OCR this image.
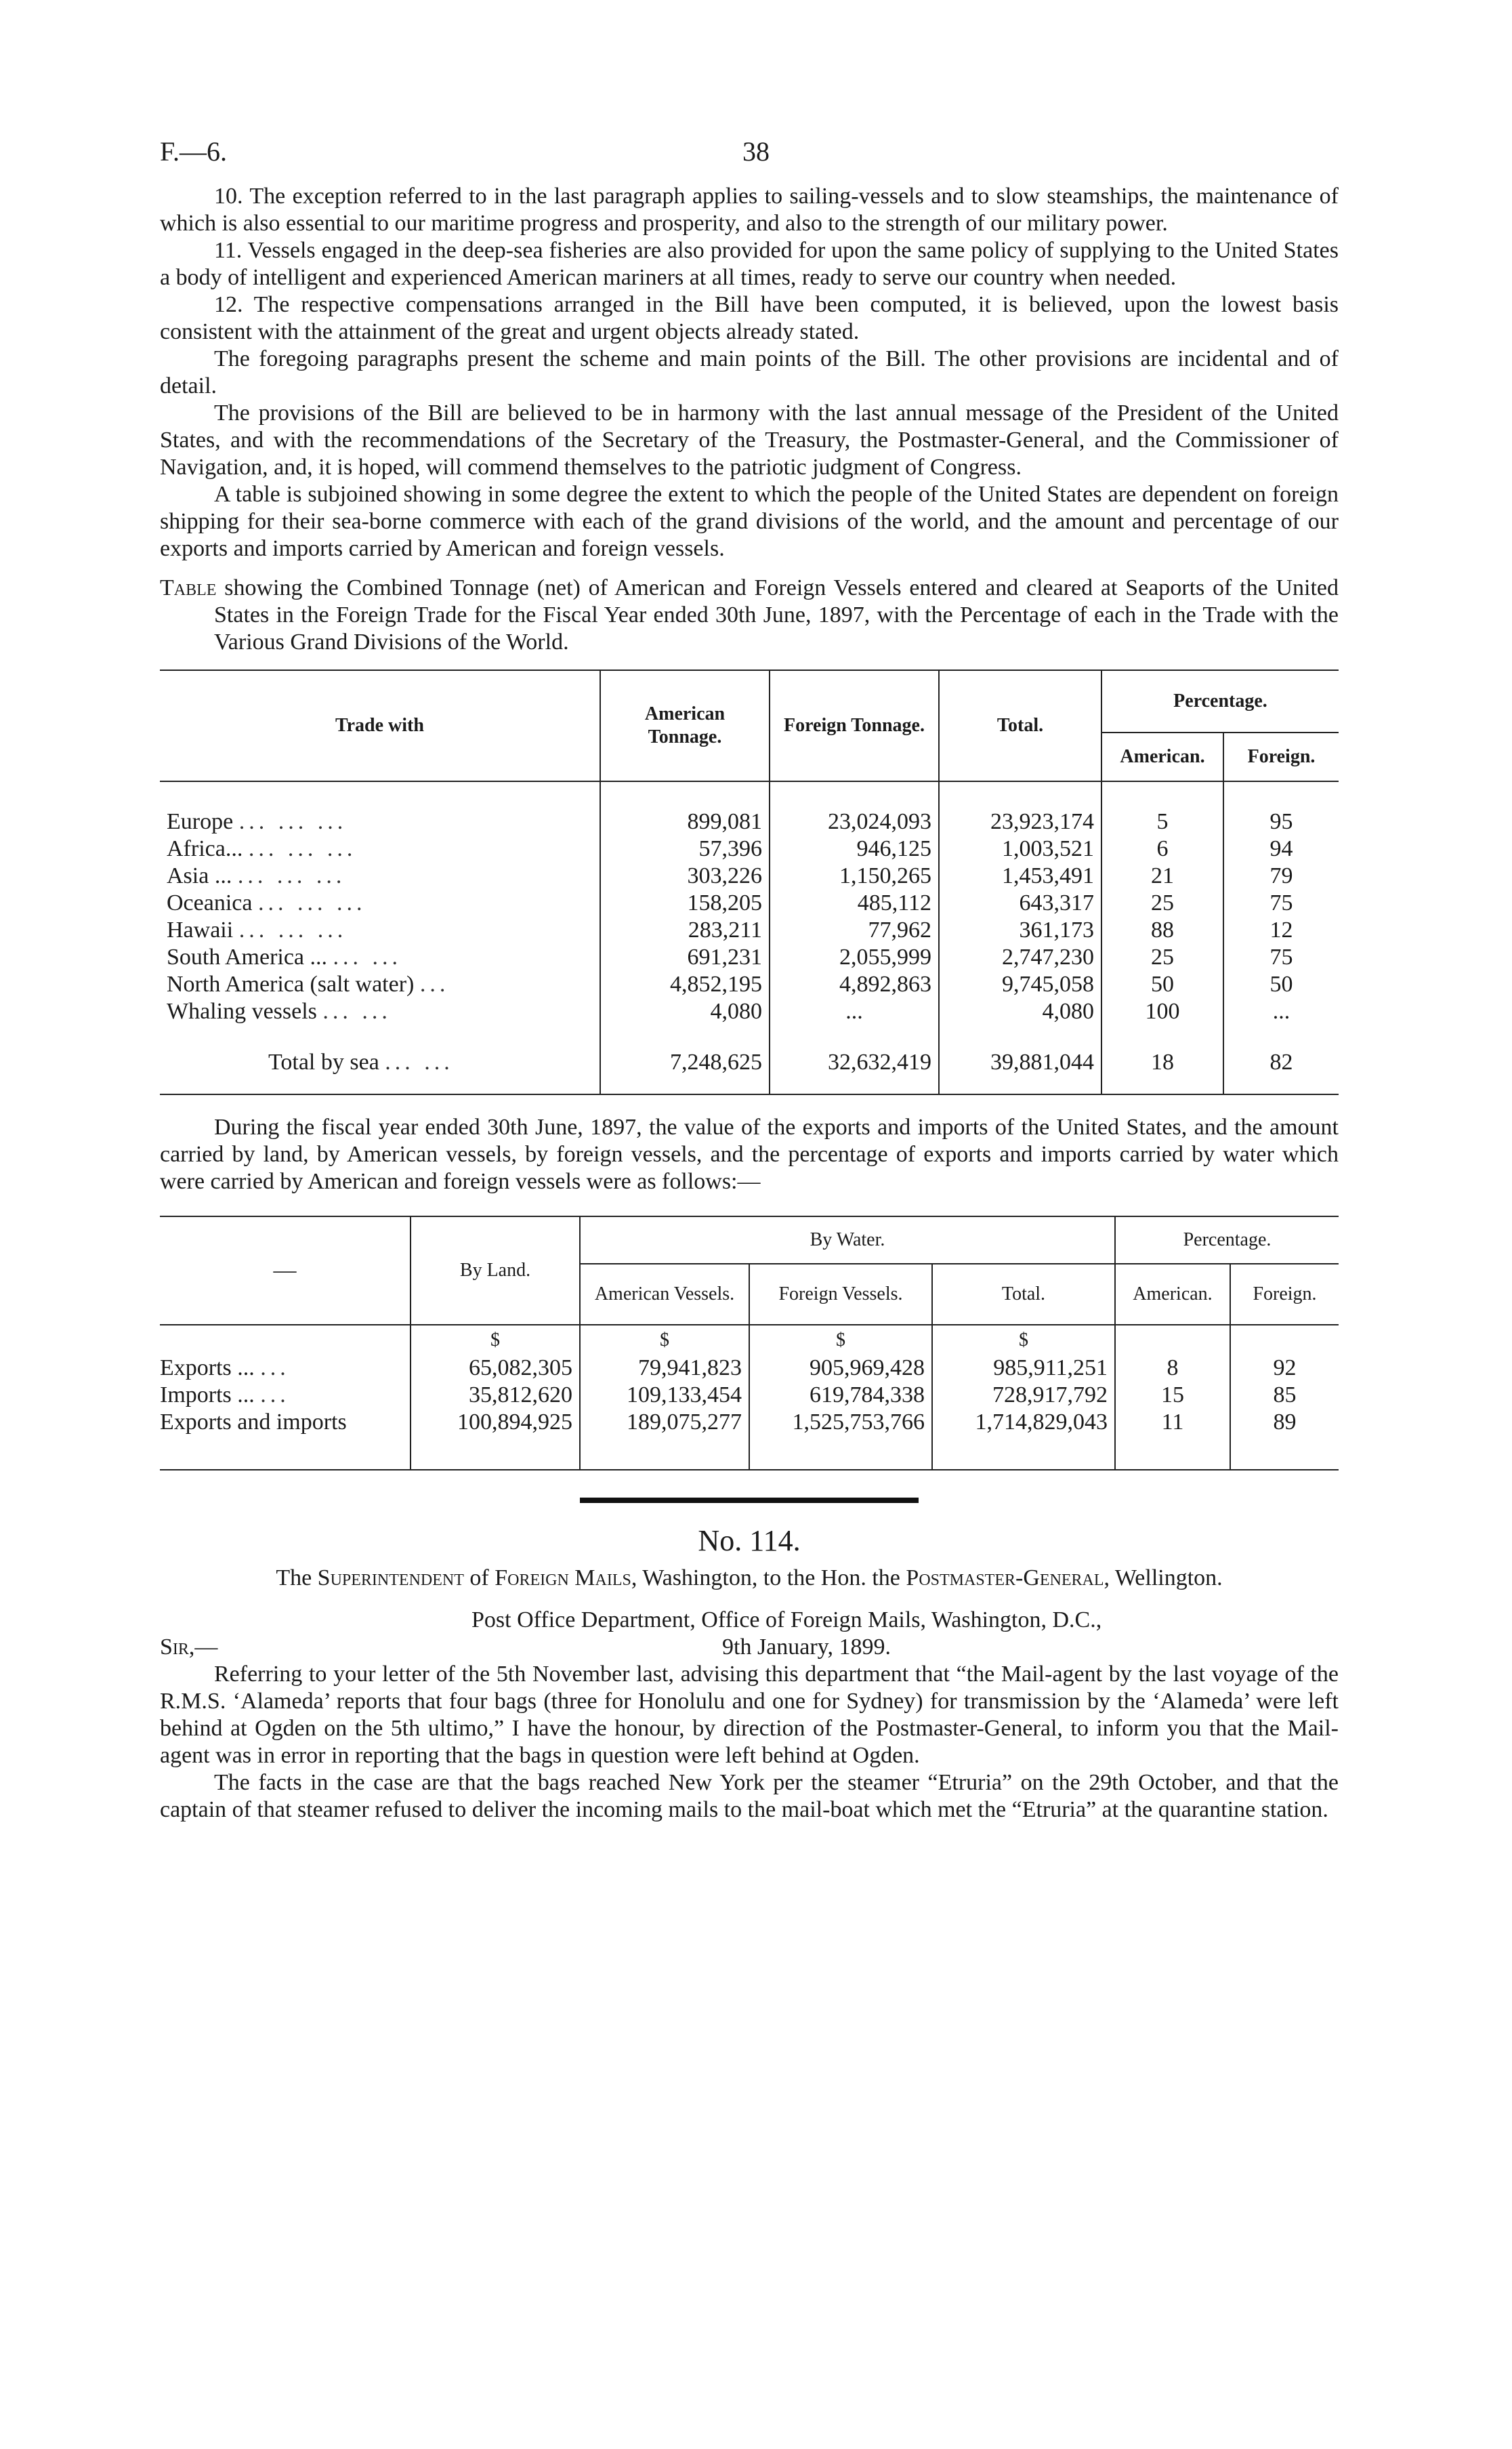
F.—6.	38

10. The exception referred to in the last paragraph applies to sailing-vessels and to slow steamships, the maintenance of which is also essential to our maritime progress and prosperity, and also to the strength of our military power.

11. Vessels engaged in the deep-sea fisheries are also provided for upon the same policy of supplying to the United States a body of intelligent and experienced American mariners at all times, ready to serve our country when needed.

12. The respective compensations arranged in the Bill have been computed, it is believed, upon the lowest basis consistent with the attainment of the great and urgent objects already stated.

The foregoing paragraphs present the scheme and main points of the Bill. The other provisions are incidental and of detail.

The provisions of the Bill are believed to be in harmony with the last annual message of the President of the United States, and with the recommendations of the Secretary of the Treasury, the Postmaster-General, and the Commissioner of Navigation, and, it is hoped, will commend themselves to the patriotic judgment of Congress.

A table is subjoined showing in some degree the extent to which the people of the United States are dependent on foreign shipping for their sea-borne commerce with each of the grand divisions of the world, and the amount and percentage of our exports and imports carried by American and foreign vessels.

Table showing the Combined Tonnage (net) of American and Foreign Vessels entered and cleared at Seaports of the United States in the Foreign Trade for the Fiscal Year ended 30th June, 1897, with the Percentage of each in the Trade with the Various Grand Divisions of the World.

Trade with	American Tonnage.	Foreign Tonnage.	Total.	Percentage.	
				American.	Foreign.

Europe ... ... ...	899,081	23,024,093	23,923,174	5	95
Africa... ... ... ...	57,396	946,125	1,003,521	6	94
Asia ... ... ... ...	303,226	1,150,265	1,453,491	21	79
Oceanica ... ... ...	158,205	485,112	643,317	25	75
Hawaii ... ... ...	283,211	77,962	361,173	88	12
South America ... ... ...	691,231	2,055,999	2,747,230	25	75
North America (salt water) ...	4,852,195	4,892,863	9,745,058	50	50
Whaling vessels ... ...	4,080	...	4,080	100	...

Total by sea ... ...	7,248,625	32,632,419	39,881,044	18	82

During the fiscal year ended 30th June, 1897, the value of the exports and imports of the United States, and the amount carried by land, by American vessels, by foreign vessels, and the percentage of exports and imports carried by water which were carried by American and foreign vessels were as follows:—

—	By Land.	By Water.			Percentage.	
		American Vessels.	Foreign Vessels.	Total.	American.	Foreign.
	$	$	$	$		
Exports ... ...	65,082,305	79,941,823	905,969,428	985,911,251	8	92
Imports ... ...	35,812,620	109,133,454	619,784,338	728,917,792	15	85
Exports and imports	100,894,925	189,075,277	1,525,753,766	1,714,829,043	11	89

No. 114.
The Superintendent of Foreign Mails, Washington, to the Hon. the Postmaster-General, Wellington.
Post Office Department, Office of Foreign Mails, Washington, D.C.,
Sir,—	9th January, 1899.

Referring to your letter of the 5th November last, advising this department that “the Mail-agent by the last voyage of the R.M.S. ‘Alameda’ reports that four bags (three for Honolulu and one for Sydney) for transmission by the ‘Alameda’ were left behind at Ogden on the 5th ultimo,” I have the honour, by direction of the Postmaster-General, to inform you that the Mail-agent was in error in reporting that the bags in question were left behind at Ogden.

The facts in the case are that the bags reached New York per the steamer “Etruria” on the 29th October, and that the captain of that steamer refused to deliver the incoming mails to the mail-boat which met the “Etruria” at the quarantine station.
